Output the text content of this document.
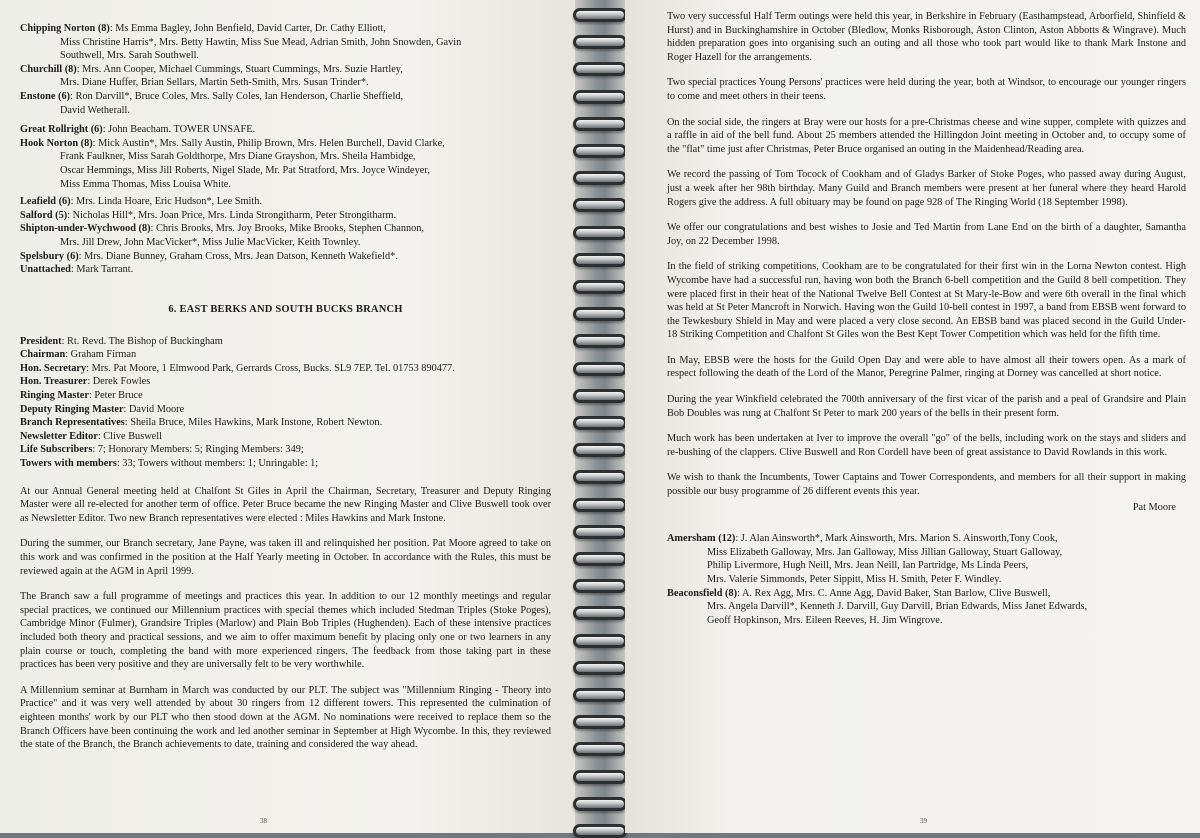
Chipping Norton (8): Ms Emma Bagley, John Benfield, David Carter, Dr. Cathy Elliott,
Miss Christine Harris*, Mrs. Betty Hawtin, Miss Sue Mead, Adrian Smith, John Snowden, Gavin
Southwell, Mrs. Sarah Southwell.
Churchill (8): Mrs. Ann Cooper, Michael Cummings, Stuart Cummings, Mrs. Suzie Hartley,
Mrs. Diane Huffer, Brian Sellars, Martin Seth-Smith, Mrs. Susan Trinder*.
Enstone (6): Ron Darvill*, Bruce Coles, Mrs. Sally Coles, Ian Henderson, Charlie Sheffield,
David Wetherall.
Great Rollright (6): John Beacham. TOWER UNSAFE.
Hook Norton (8): Mick Austin*, Mrs. Sally Austin, Philip Brown, Mrs. Helen Burchell, David Clarke,
Frank Faulkner, Miss Sarah Goldthorpe, Mrs Diane Grayshon, Mrs. Sheila Hambidge,
Oscar Hemmings, Miss Jill Roberts, Nigel Slade, Mr. Pat Stratford, Mrs. Joyce Windeyer,
Miss Emma Thomas, Miss Louisa White.
Leafield (6): Mrs. Linda Hoare, Eric Hudson*, Lee Smith.
Salford (5): Nicholas Hill*, Mrs. Joan Price, Mrs. Linda Strongitharm, Peter Strongitharm.
Shipton-under-Wychwood (8): Chris Brooks, Mrs. Joy Brooks, Mike Brooks, Stephen Channon,
Mrs. Jill Drew, John MacVicker*, Miss Julie MacVicker, Keith Townley.
Spelsbury (6): Mrs. Diane Bunney, Graham Cross, Mrs. Jean Datson, Kenneth Wakefield*.
Unattached: Mark Tarrant.
6. EAST BERKS AND SOUTH BUCKS BRANCH
President: Rt. Revd. The Bishop of Buckingham
Chairman: Graham Firman
Hon. Secretary: Mrs. Pat Moore, 1 Elmwood Park, Gerrards Cross, Bucks. SL9 7EP. Tel. 01753 890477.
Hon. Treasurer: Derek Fowles
Ringing Master: Peter Bruce
Deputy Ringing Master: David Moore
Branch Representatives: Sheila Bruce, Miles Hawkins, Mark Instone, Robert Newton.
Newsletter Editor: Clive Buswell
Life Subscribers: 7; Honorary Members: 5; Ringing Members: 349;
Towers with members: 33; Towers without members: 1; Unringable: 1;

At our Annual General meeting held at Chalfont St Giles in April the Chairman, Secretary, Treasurer and Deputy Ringing Master were all re-elected for another term of office. Peter Bruce became the new Ringing Master and Clive Buswell took over as Newsletter Editor. Two new Branch representatives were elected : Miles Hawkins and Mark Instone.

During the summer, our Branch secretary, Jane Payne, was taken ill and relinquished her position. Pat Moore agreed to take on this work and was confirmed in the position at the Half Yearly meeting in October. In accordance with the Rules, this must be reviewed again at the AGM in April 1999.

The Branch saw a full programme of meetings and practices this year. In addition to our 12 monthly meetings and regular special practices, we continued our Millennium practices with special themes which included Stedman Triples (Stoke Poges), Cambridge Minor (Fulmer), Grandsire Triples (Marlow) and Plain Bob Triples (Hughenden). Each of these intensive practices included both theory and practical sessions, and we aim to offer maximum benefit by placing only one or two learners in any plain course or touch, completing the band with more experienced ringers. The feedback from those taking part in these practices has been very positive and they are universally felt to be very worthwhile.

A Millennium seminar at Burnham in March was conducted by our PLT. The subject was "Millennium Ringing - Theory into Practice" and it was very well attended by about 30 ringers from 12 different towers. This represented the culmination of eighteen months' work by our PLT who then stood down at the AGM. No nominations were received to replace them so the Branch Officers have been continuing the work and led another seminar in September at High Wycombe. In this, they reviewed the state of the Branch, the Branch achievements to date, training and considered the way ahead.

38

Two very successful Half Term outings were held this year, in Berkshire in February (Easthampstead, Arborfield, Shinfield & Hurst) and in Buckinghamshire in October (Bledlow, Monks Risborough, Aston Clinton, Aston Abbotts & Wingrave). Much hidden preparation goes into organising such an outing and all those who took part would like to thank Mark Instone and Roger Hazell for the arrangements.

Two special practices Young Persons' practices were held during the year, both at Windsor, to encourage our younger ringers to come and meet others in their teens.

On the social side, the ringers at Bray were our hosts for a pre-Christmas cheese and wine supper, complete with quizzes and a raffle in aid of the bell fund. About 25 members attended the Hillingdon Joint meeting in October and, to occupy some of the "flat" time just after Christmas, Peter Bruce organised an outing in the Maidenhead/Reading area.

We record the passing of Tom Tocock of Cookham and of Gladys Barker of Stoke Poges, who passed away during August, just a week after her 98th birthday. Many Guild and Branch members were present at her funeral where they heard Harold Rogers give the address. A full obituary may be found on page 928 of The Ringing World (18 September 1998).

We offer our congratulations and best wishes to Josie and Ted Martin from Lane End on the birth of a daughter, Samantha Joy, on 22 December 1998.

In the field of striking competitions, Cookham are to be congratulated for their first win in the Lorna Newton contest. High Wycombe have had a successful run, having won both the Branch 6-bell competition and the Guild 8 bell competition. They were placed first in their heat of the National Twelve Bell Contest at St Mary-le-Bow and were 6th overall in the final which was held at St Peter Mancroft in Norwich. Having won the Guild 10-bell contest in 1997, a band from EBSB went forward to the Tewkesbury Shield in May and were placed a very close second. An EBSB band was placed second in the Guild Under-18 Striking Competition and Chalfont St Giles won the Best Kept Tower Competition which was held for the fifth time.

In May, EBSB were the hosts for the Guild Open Day and were able to have almost all their towers open. As a mark of respect following the death of the Lord of the Manor, Peregrine Palmer, ringing at Dorney was cancelled at short notice.

During the year Winkfield celebrated the 700th anniversary of the first vicar of the parish and a peal of Grandsire and Plain Bob Doubles was rung at Chalfont St Peter to mark 200 years of the bells in their present form.

Much work has been undertaken at Iver to improve the overall "go" of the bells, including work on the stays and sliders and re-bushing of the clappers. Clive Buswell and Ron Cordell have been of great assistance to David Rowlands in this work.

We wish to thank the Incumbents, Tower Captains and Tower Correspondents, and members for all their support in making possible our busy programme of 26 different events this year.

Pat Moore
Amersham (12): J. Alan Ainsworth*, Mark Ainsworth, Mrs. Marion S. Ainsworth,Tony Cook,
Miss Elizabeth Galloway, Mrs. Jan Galloway, Miss Jillian Galloway, Stuart Galloway,
Philip Livermore, Hugh Neill, Mrs. Jean Neill, Ian Partridge, Ms Linda Peers,
Mrs. Valerie Simmonds, Peter Sippitt, Miss H. Smith, Peter F. Windley.
Beaconsfield (8): A. Rex Agg, Mrs. C. Anne Agg, David Baker, Stan Barlow, Clive Buswell,
Mrs. Angela Darvill*, Kenneth J. Darvill, Guy Darvill, Brian Edwards, Miss Janet Edwards,
Geoff Hopkinson, Mrs. Eileen Reeves, H. Jim Wingrove.
39
